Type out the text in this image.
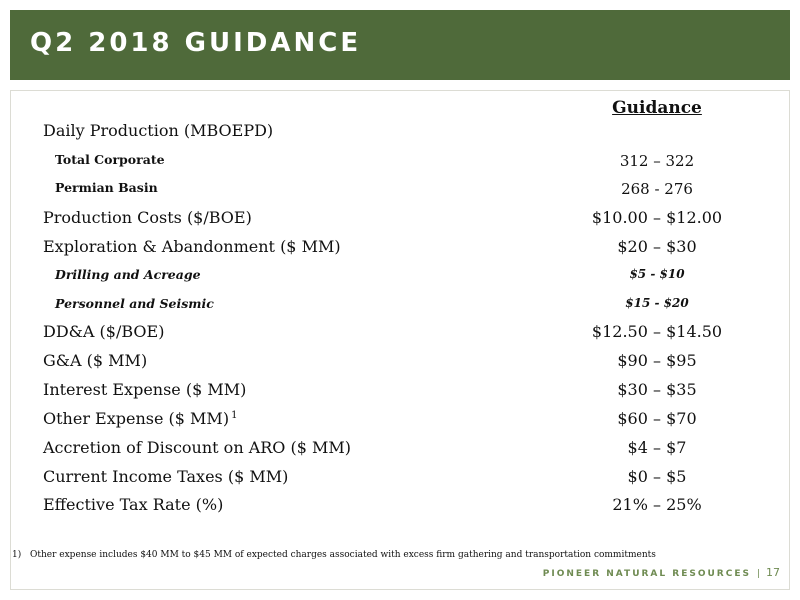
Q2 2018 GUIDANCE
Guidance
Daily Production (MBOEPD)
Total Corporate	312 – 322
Permian Basin	268 - 276
Production Costs ($/BOE)	$10.00 – $12.00
Exploration & Abandonment ($ MM)	$20 – $30
Drilling and Acreage	$5 - $10
Personnel and Seismic	$15 - $20
DD&A ($/BOE)	$12.50 – $14.50
G&A ($ MM)	$90 – $95
Interest Expense ($ MM)	$30 – $35
Other Expense ($ MM) $^1$	$60 – $70
Accretion of Discount on ARO ($ MM)	$4 – $7
Current Income Taxes ($ MM)	$0 – $5
Effective Tax Rate (%)	21% – 25%
1) Other expense includes $40 MM to $45 MM of expected charges associated with excess firm gathering and transportation commitments
PIONEER NATURAL RESOURCES | 17
